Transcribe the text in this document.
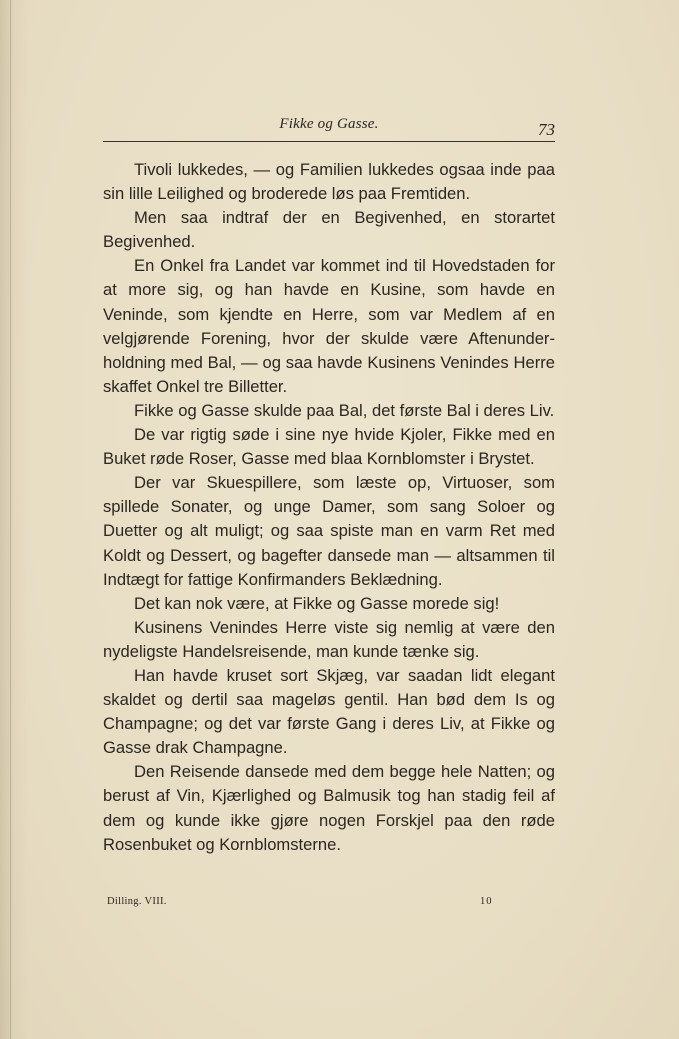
Fikke og Gasse.	73

Tivoli lukkedes, — og Familien lukkedes ogsaa inde paa sin lille Leilighed og broderede løs paa Fremtiden.

Men saa indtraf der en Begivenhed, en storartet Begivenhed.

En Onkel fra Landet var kommet ind til Hovedstaden for at more sig, og han havde en Kusine, som havde en Veninde, som kjendte en Herre, som var Medlem af en velgjørende Forening, hvor der skulde være Aftenunderholdning med Bal, — og saa havde Kusinens Venindes Herre skaffet Onkel tre Billetter.

Fikke og Gasse skulde paa Bal, det første Bal i deres Liv.

De var rigtig søde i sine nye hvide Kjoler, Fikke med en Buket røde Roser, Gasse med blaa Kornblomster i Brystet.

Der var Skuespillere, som læste op, Virtuoser, som spillede Sonater, og unge Damer, som sang Soloer og Duetter og alt muligt; og saa spiste man en varm Ret med Koldt og Dessert, og bagefter dansede man — altsammen til Indtægt for fattige Konfirmanders Beklædning.

Det kan nok være, at Fikke og Gasse morede sig!

Kusinens Venindes Herre viste sig nemlig at være den nydeligste Handelsreisende, man kunde tænke sig.

Han havde kruset sort Skjæg, var saadan lidt elegant skaldet og dertil saa mageløs gentil. Han bød dem Is og Champagne; og det var første Gang i deres Liv, at Fikke og Gasse drak Champagne.

Den Reisende dansede med dem begge hele Natten; og berust af Vin, Kjærlighed og Balmusik tog han stadig feil af dem og kunde ikke gjøre nogen Forskjel paa den røde Rosenbuket og Kornblomsterne.

Dilling. VIII.	10
